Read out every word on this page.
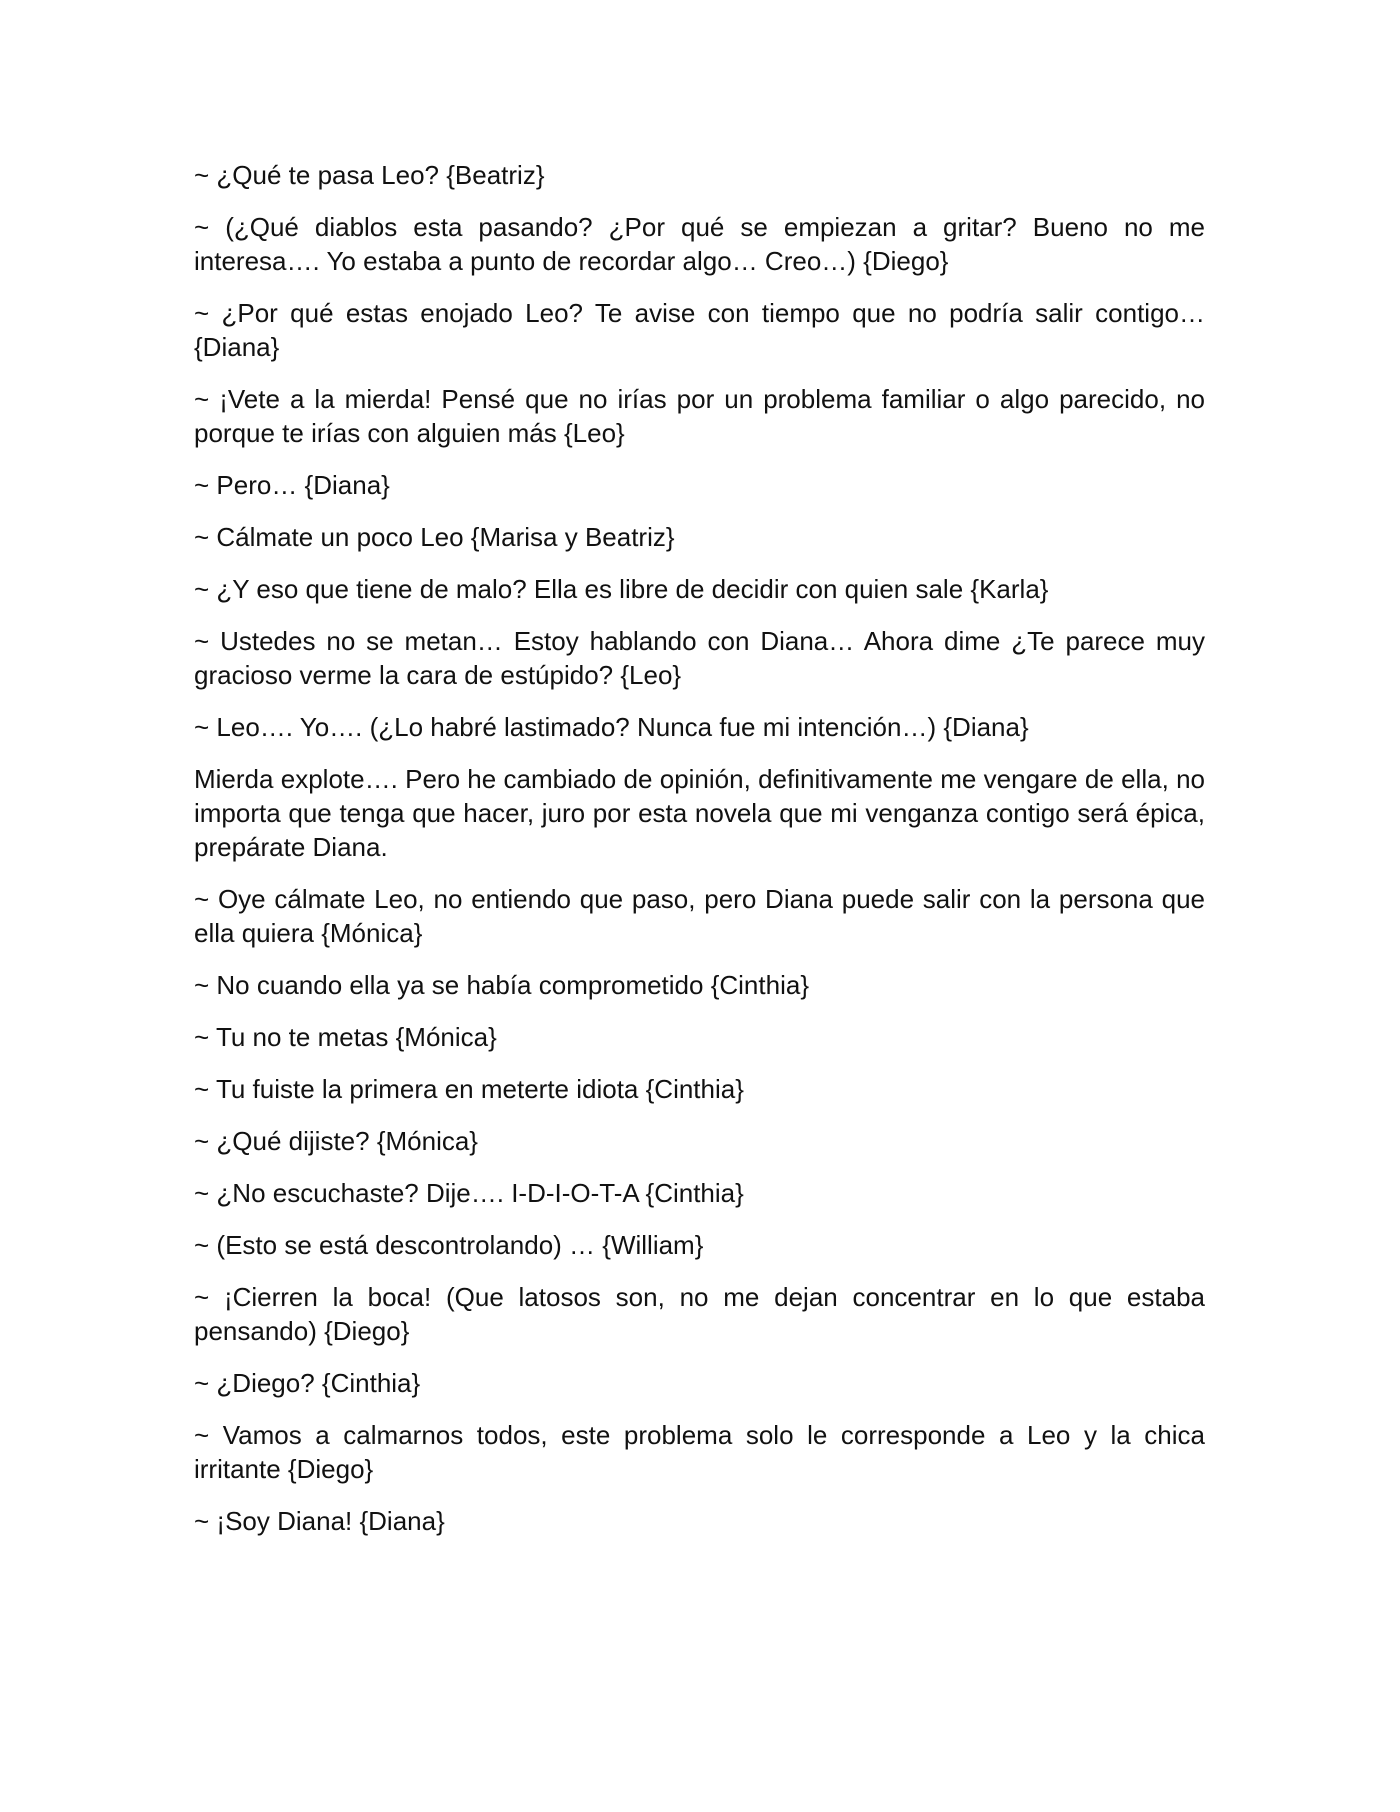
~ ¿Qué te pasa Leo? {Beatriz}

~ (¿Qué diablos esta pasando? ¿Por qué se empiezan a gritar? Bueno no me interesa…. Yo estaba a punto de recordar algo… Creo…) {Diego}

~ ¿Por qué estas enojado Leo? Te avise con tiempo que no podría salir contigo… {Diana}

~ ¡Vete a la mierda! Pensé que no irías por un problema familiar o algo parecido, no porque te irías con alguien más {Leo}

~ Pero… {Diana}

~ Cálmate un poco Leo {Marisa y Beatriz}

~ ¿Y eso que tiene de malo? Ella es libre de decidir con quien sale {Karla}

~ Ustedes no se metan… Estoy hablando con Diana… Ahora dime ¿Te parece muy gracioso verme la cara de estúpido? {Leo}

~ Leo…. Yo…. (¿Lo habré lastimado? Nunca fue mi intención…) {Diana}

Mierda explote…. Pero he cambiado de opinión, definitivamente me vengare de ella, no importa que tenga que hacer, juro por esta novela que mi venganza contigo será épica, prepárate Diana.

~ Oye cálmate Leo, no entiendo que paso, pero Diana puede salir con la persona que ella quiera {Mónica}

~ No cuando ella ya se había comprometido {Cinthia}

~ Tu no te metas {Mónica}

~ Tu fuiste la primera en meterte idiota {Cinthia}

~ ¿Qué dijiste? {Mónica}

~ ¿No escuchaste? Dije…. I-D-I-O-T-A {Cinthia}

~ (Esto se está descontrolando) … {William}

~ ¡Cierren la boca! (Que latosos son, no me dejan concentrar en lo que estaba pensando) {Diego}

~ ¿Diego? {Cinthia}

~ Vamos a calmarnos todos, este problema solo le corresponde a Leo y la chica irritante {Diego}

~ ¡Soy Diana! {Diana}
